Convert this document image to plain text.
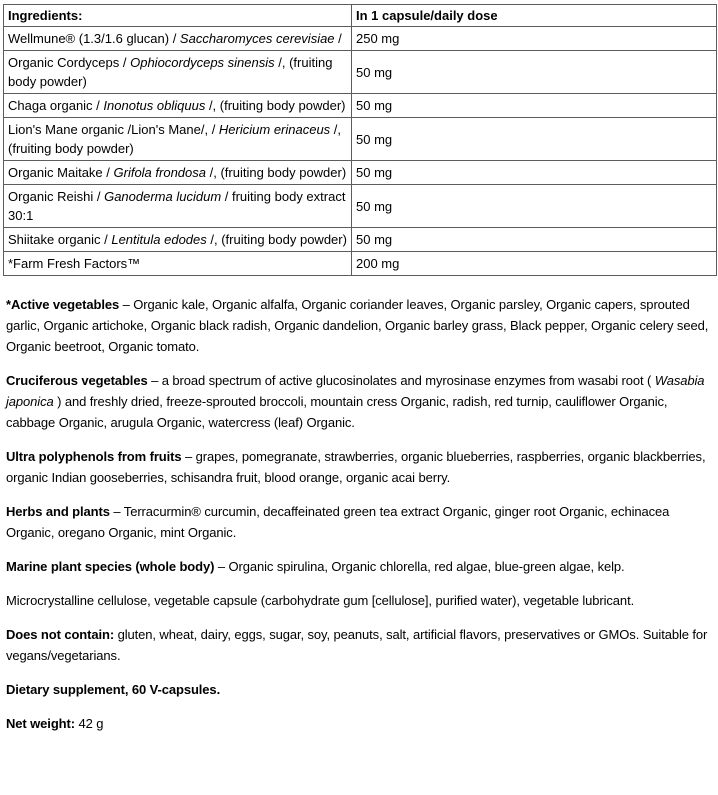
Ingredients:	In 1 capsule/daily dose
Wellmune® (1.3/1.6 glucan) / Saccharomyces cerevisiae /	250 mg
Organic Cordyceps / Ophiocordyceps sinensis /, (fruiting body powder)	50 mg
Chaga organic / Inonotus obliquus /, (fruiting body powder)	50 mg
Lion's Mane organic /Lion's Mane/, / Hericium erinaceus /, (fruiting body powder)	50 mg
Organic Maitake / Grifola frondosa /, (fruiting body powder)	50 mg
Organic Reishi / Ganoderma lucidum / fruiting body extract 30:1	50 mg
Shiitake organic / Lentitula edodes /, (fruiting body powder)	50 mg
*Farm Fresh Factors™	200 mg

*Active vegetables – Organic kale, Organic alfalfa, Organic coriander leaves, Organic parsley, Organic capers, sprouted garlic, Organic artichoke, Organic black radish, Organic dandelion, Organic barley grass, Black pepper, Organic celery seed, Organic beetroot, Organic tomato.

Cruciferous vegetables – a broad spectrum of active glucosinolates and myrosinase enzymes from wasabi root ( Wasabia japonica ) and freshly dried, freeze-sprouted broccoli, mountain cress Organic, radish, red turnip, cauliflower Organic, cabbage Organic, arugula Organic, watercress (leaf) Organic.

Ultra polyphenols from fruits – grapes, pomegranate, strawberries, organic blueberries, raspberries, organic blackberries, organic Indian gooseberries, schisandra fruit, blood orange, organic acai berry.

Herbs and plants – Terracurmin® curcumin, decaffeinated green tea extract Organic, ginger root Organic, echinacea Organic, oregano Organic, mint Organic.

Marine plant species (whole body) – Organic spirulina, Organic chlorella, red algae, blue-green algae, kelp.

Microcrystalline cellulose, vegetable capsule (carbohydrate gum [cellulose], purified water), vegetable lubricant.

Does not contain: gluten, wheat, dairy, eggs, sugar, soy, peanuts, salt, artificial flavors, preservatives or GMOs. Suitable for vegans/vegetarians.

Dietary supplement, 60 V-capsules.

Net weight: 42 g
